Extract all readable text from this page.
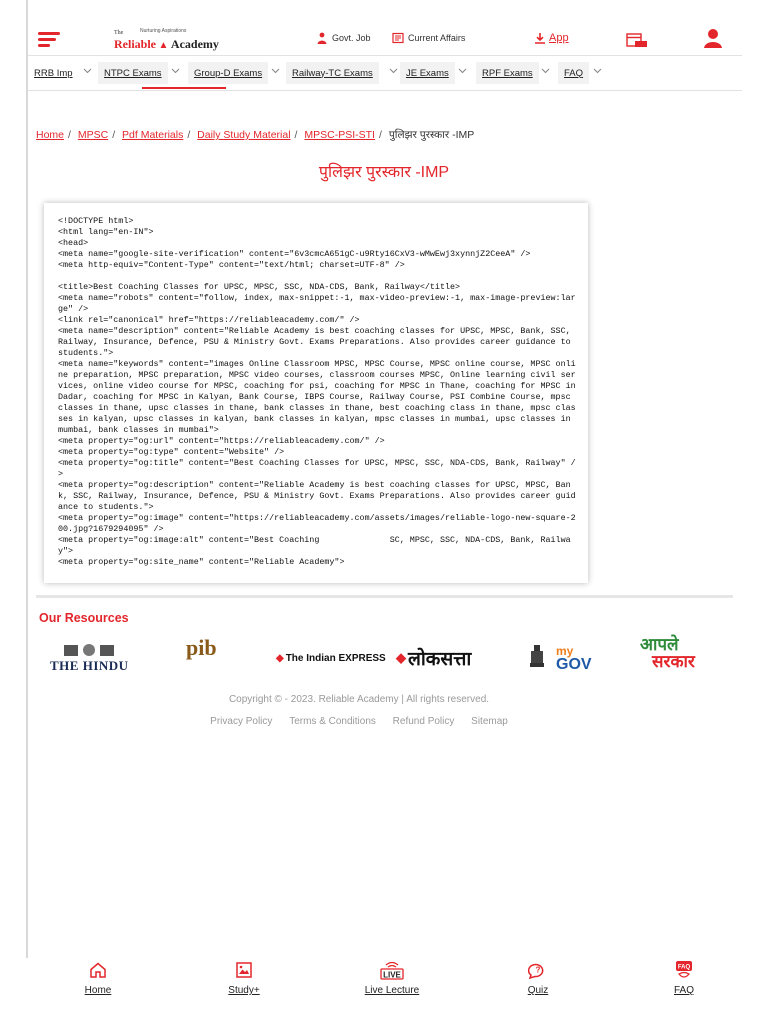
Nurturing Aspirations
The
Reliable ▲ Academy	Govt. Job	Current Affairs	App
RRB Imp	NTPC Exams	Group-D Exams	Railway-TC Exams	JE Exams	RPF Exams	FAQ
Home / MPSC / Pdf Materials / Daily Study Material / MPSC-PSI-STI / पुलिझर पुरस्कार -IMP
पुलिझर पुरस्कार -IMP
<!DOCTYPE html>
<html lang="en-IN">
<head>
<meta name="google-site-verification" content="6v3cmcA651gC-u9Rty16CxV3-wMwEwj3xynnjZ2CeeA" />
<meta http-equiv="Content-Type" content="text/html; charset=UTF-8" />

<title>Best Coaching Classes for UPSC, MPSC, SSC, NDA-CDS, Bank, Railway</title>
<meta name="robots" content="follow, index, max-snippet:-1, max-video-preview:-1, max-image-preview:large" />
<link rel="canonical" href="https://reliableacademy.com/" />
<meta name="description" content="Reliable Academy is best coaching classes for UPSC, MPSC, Bank, SSC, Railway, Insurance, Defence, PSU & Ministry Govt. Exams Preparations. Also provides career guidance to students.">
<meta name="keywords" content="images Online Classroom MPSC, MPSC Course, MPSC online course, MPSC online preparation, MPSC preparation, MPSC video courses, classroom courses MPSC, Online learning civil services, online video course for MPSC, coaching for psi, coaching for MPSC in Thane, coaching for MPSC in Dadar, coaching for MPSC in Kalyan, Bank Course, IBPS Course, Railway Course, PSI Combine Course, mpsc classes in thane, upsc classes in thane, bank classes in thane, best coaching class in thane, mpsc classes in kalyan, upsc classes in kalyan, bank classes in kalyan, mpsc classes in mumbai, upsc classes in mumbai, bank classes in mumbai">
<meta property="og:url" content="https://reliableacademy.com/" />
<meta property="og:type" content="Website" />
<meta property="og:title" content="Best Coaching Classes for UPSC, MPSC, SSC, NDA-CDS, Bank, Railway" />
<meta property="og:description" content="Reliable Academy is best coaching classes for UPSC, MPSC, Bank, SSC, Railway, Insurance, Defence, PSU & Ministry Govt. Exams Preparations. Also provides career guidance to students.">
<meta property="og:image" content="https://reliableacademy.com/assets/images/reliable-logo-new-square-200.jpg?1679294095" />
<meta property="og:image:alt" content="Best Coaching              SC, MPSC, SSC, NDA-CDS, Bank, Railway">
<meta property="og:site_name" content="Reliable Academy">
Our Resources
THE HINDU
pib	◆ The Indian EXPRESS ◆ लोकसत्ता	my
GOV
आपले
सरकार
Copyright © - 2023. Reliable Academy | All rights reserved.
Privacy Policy Terms & Conditions Refund Policy Sitemap
Home	Study+
LIVE
Live Lecture
?
Quiz
FAQ
FAQ
